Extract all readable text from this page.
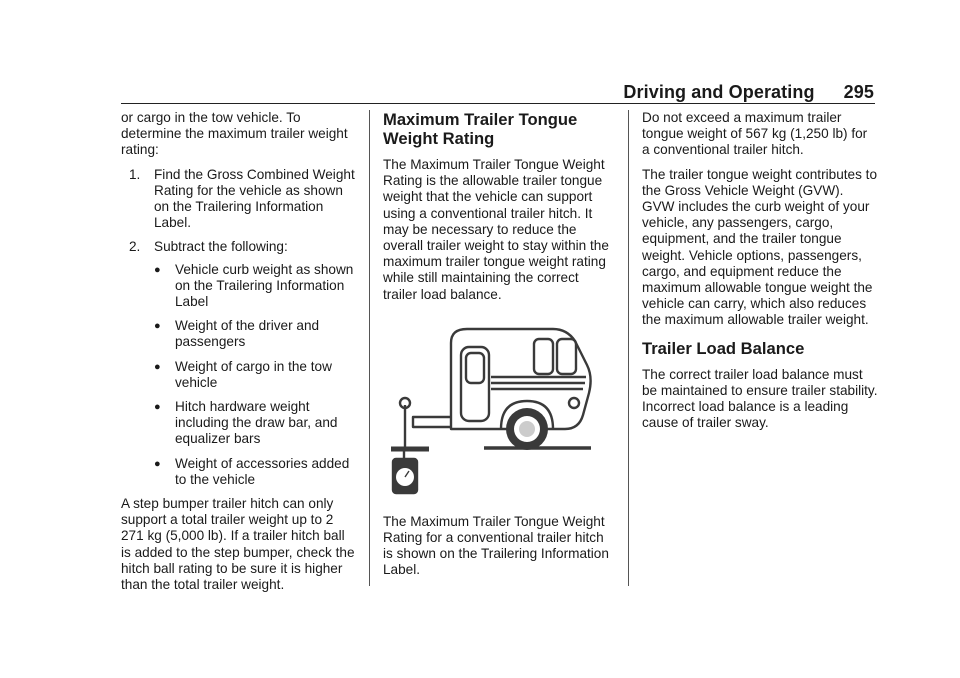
Driving and Operating 295

or cargo in the tow vehicle. To determine the maximum trailer weight rating:

1. Find the Gross Combined Weight Rating for the vehicle as shown on the Trailering Information Label.
2. Subtract the following:
● Vehicle curb weight as shown on the Trailering Information Label
● Weight of the driver and passengers
● Weight of cargo in the tow vehicle
● Hitch hardware weight including the draw bar, and equalizer bars
● Weight of accessories added to the vehicle

A step bumper trailer hitch can only support a total trailer weight up to 2 271 kg (5,000 lb). If a trailer hitch ball is added to the step bumper, check the hitch ball rating to be sure it is higher than the total trailer weight.

Maximum Trailer Tongue Weight Rating

The Maximum Trailer Tongue Weight Rating is the allowable trailer tongue weight that the vehicle can support using a conventional trailer hitch. It may be necessary to reduce the overall trailer weight to stay within the maximum trailer tongue weight rating while still maintaining the correct trailer load balance.

The Maximum Trailer Tongue Weight Rating for a conventional trailer hitch is shown on the Trailering Information Label.

Do not exceed a maximum trailer tongue weight of 567 kg (1,250 lb) for a conventional trailer hitch.

The trailer tongue weight contributes to the Gross Vehicle Weight (GVW). GVW includes the curb weight of your vehicle, any passengers, cargo, equipment, and the trailer tongue weight. Vehicle options, passengers, cargo, and equipment reduce the maximum allowable tongue weight the vehicle can carry, which also reduces the maximum allowable trailer weight.

Trailer Load Balance

The correct trailer load balance must be maintained to ensure trailer stability. Incorrect load balance is a leading cause of trailer sway.
